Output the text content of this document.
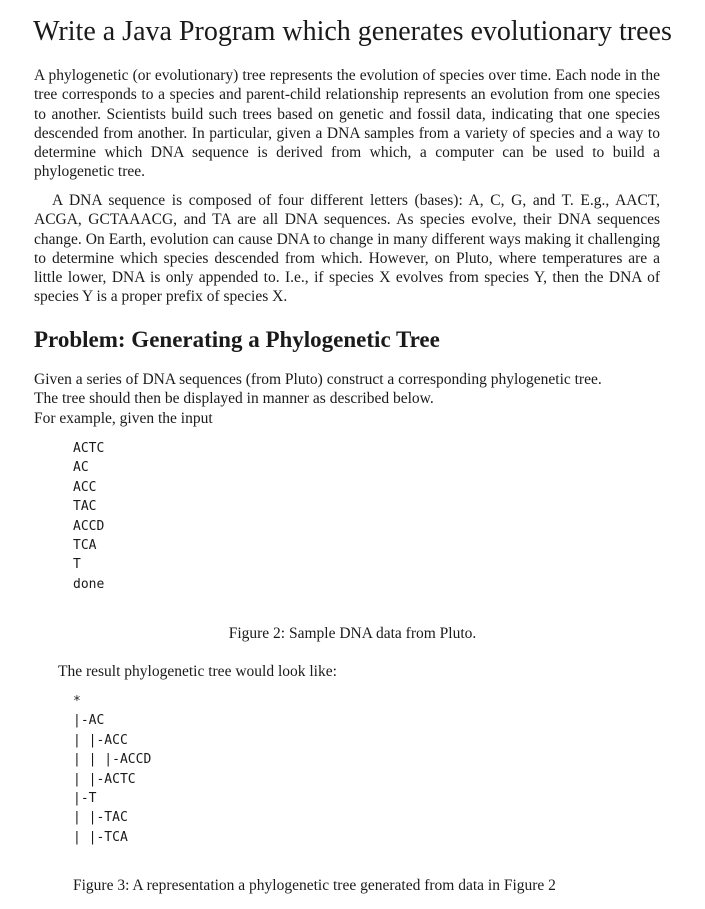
Write a Java Program which generates evolutionary trees

A phylogenetic (or evolutionary) tree represents the evolution of species over time. Each node in the tree corresponds to a species and parent-child relationship represents an evolution from one species to another. Scientists build such trees based on genetic and fossil data, indicating that one species descended from another. In particular, given a DNA samples from a variety of species and a way to determine which DNA sequence is derived from which, a computer can be used to build a phylogenetic tree.

A DNA sequence is composed of four different letters (bases): A, C, G, and T. E.g., AACT, ACGA, GCTAAACG, and TA are all DNA sequences. As species evolve, their DNA sequences change. On Earth, evolution can cause DNA to change in many different ways making it challenging to determine which species descended from which. However, on Pluto, where temperatures are a little lower, DNA is only appended to. I.e., if species X evolves from species Y, then the DNA of species Y is a proper prefix of species X.

Problem: Generating a Phylogenetic Tree

Given a series of DNA sequences (from Pluto) construct a corresponding phylogenetic tree.
The tree should then be displayed in manner as described below.
For example, given the input

ACTC
AC
ACC
TAC
ACCD
TCA
T
done

Figure 2: Sample DNA data from Pluto.

The result phylogenetic tree would look like:

*
|-AC
| |-ACC
| | |-ACCD
| |-ACTC
|-T
| |-TAC
| |-TCA

Figure 3: A representation a phylogenetic tree generated from data in Figure 2
